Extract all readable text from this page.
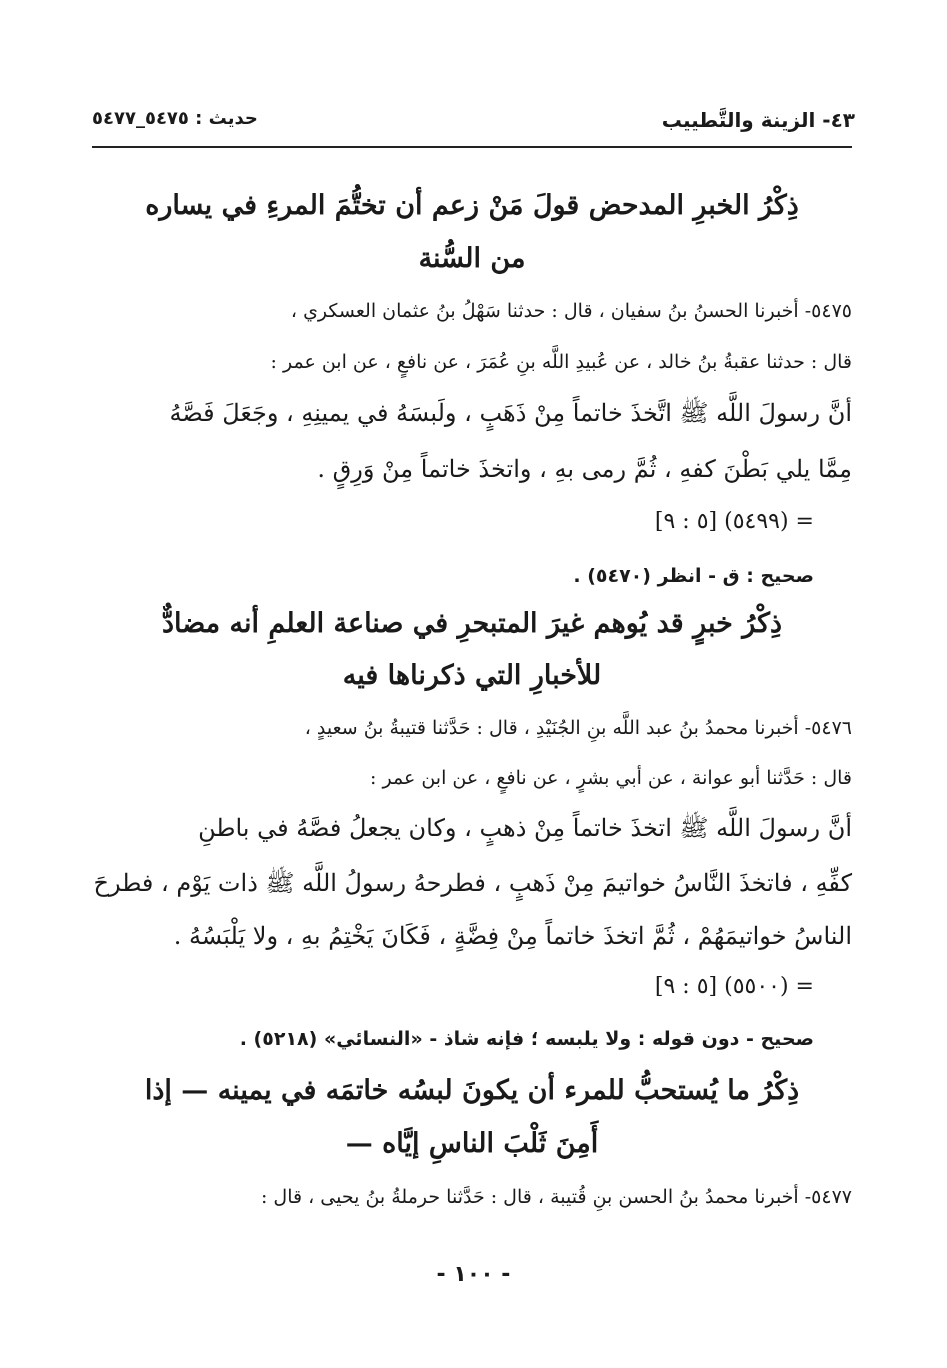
٤٣- الزينة والتَّطييب
حديث : ٥٤٧٥_٥٤٧٧
ذِكْرُ الخبرِ المدحض قولَ مَنْ زعم أن تختُّمَ المرءِ في يساره
من السُّنة
٥٤٧٥- أخبرنا الحسنُ بنُ سفيان ، قال : حدثنا سَهْلُ بنُ عثمان العسكري ،
قال : حدثنا عقبةُ بنُ خالد ، عن عُبيدِ اللَّه بنِ عُمَرَ ، عن نافعٍ ، عن ابن عمر :
أنَّ رسولَ اللَّه ﷺ اتَّخذَ خاتماً مِنْ ذَهَبٍ ، ولَبسَهُ في يمينِهِ ، وجَعَلَ فَصَّهُ
مِمَّا يلي بَطْنَ كفهِ ، ثُمَّ رمى بهِ ، واتخذَ خاتماً مِنْ وَرِقٍ .
= (٥٤٩٩) [٥ : ٩]
صحيح : ق - انظر (٥٤٧٠) .
ذِكْرُ خبرٍ قد يُوهم غيرَ المتبحرِ في صناعة العلمِ أنه مضادٌّ
للأخبارِ التي ذكرناها فيه
٥٤٧٦- أخبرنا محمدُ بنُ عبد اللَّه بنِ الجُنَيْدِ ، قال : حَدَّثنا قتيبةُ بنُ سعيدٍ ،
قال : حَدَّثنا أبو عوانة ، عن أبي بشرٍ ، عن نافعٍ ، عن ابن عمر :
أنَّ رسولَ اللَّه ﷺ اتخذَ خاتماً مِنْ ذهبٍ ، وكان يجعلُ فصَّهُ في باطنِ
كفِّهِ ، فاتخذَ النَّاسُ خواتيمَ مِنْ ذَهبٍ ، فطرحهُ رسولُ اللَّه ﷺ ذات يَوْم ، فطرحَ
الناسُ خواتيمَهُمْ ، ثُمَّ اتخذَ خاتماً مِنْ فِضَّةٍ ، فَكَانَ يَخْتِمُ بهِ ، ولا يَلْبَسُهُ .
= (٥٥٠٠) [٥ : ٩]
صحيح - دون قوله : ولا يلبسه ؛ فإنه شاذ - «النسائي» (٥٢١٨) .
ذِكْرُ ما يُستحبُّ للمرء أن يكونَ لبسُه خاتمَه في يمينه — إذا
أَمِنَ ثَلْبَ الناسِ إيَّاه —
٥٤٧٧- أخبرنا محمدُ بنُ الحسن بنِ قُتيبة ، قال : حَدَّثنا حرملةُ بنُ يحيى ، قال :
- ١٠٠ -
